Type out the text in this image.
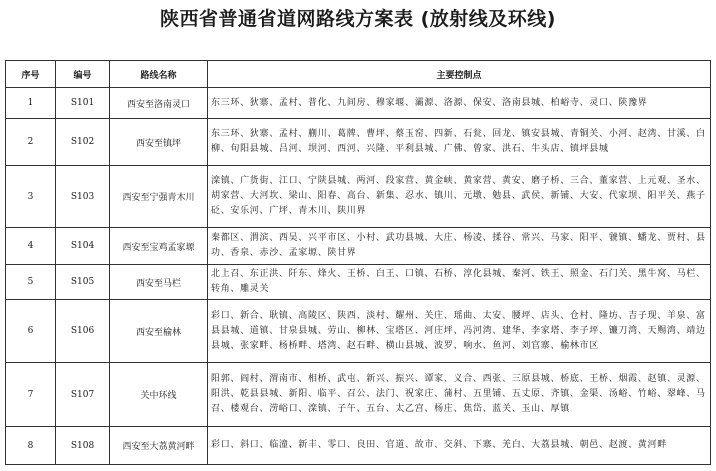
陕西省普通省道网路线方案表 (放射线及环线)
序号	编号	路线名称	主要控制点
1	S101	西安至洛南灵口	东三环、狄寨、孟村、普化、九间房、穆家堰、灞源、洛源、保安、洛南县城、柏峪寺、灵口、陕豫界
2	S102	西安至镇坪	东三环、狄寨、孟村、蒯川、葛牌、曹坪、蔡玉窑、四新、石瓮、回龙、镇安县城、青铜关、小河、赵湾、甘溪、白柳、旬阳县城、吕河、坝河、西河、兴隆、平利县城、广佛、曾家、洪石、牛头店、镇坪县城
3	S103	西安至宁强青木川	滦镇、广货街、江口、宁陕县城、两河、段家营、黄金峡、黄家营、黄安、磨子桥、三合、董家营、上元观、圣水、胡家营、大河坎、梁山、阳春、高台、新集、忍水、镇川、元墩、勉县、武侯、新铺、大安、代家坝、阳平关、燕子砭、安乐河、广坪、青木川、陕川界
4	S104	西安至宝鸡孟家塬	秦都区、渭滨、西吴、兴平市区、小村、武功县城、大庄、杨凌、揉谷、常兴、马家、阳平、虢镇、蟠龙、贾村、县功、香泉、赤沙、孟家塬、陕甘界
5	S105	西安至马栏	北上召、东正洪、阡东、烽火、王桥、白王、口镇、石桥、淳化县城、秦河、铁王、照金、石门关、黑牛窝、马栏、转角、雕灵关
6	S106	西安至榆林	彩口、新合、耿镇、高陵区、陕西、淡村、耀州、关庄、瑶曲、太安、腰坪、店头、仓村、隆坊、吉子现、羊泉、富县县城、道镇、甘泉县城、劳山、柳林、宝塔区、河庄坪、冯河湾、建华、李家塔、李子坪、镰刀湾、天赐湾、靖边县城、张家畔、杨桥畔、塔湾、赵石畔、横山县城、波罗、响水、鱼河、刘官寨、榆林市区
7	S107	关中环线	阳郭、阎村、渭南市、相桥、武屯、新兴、振兴、谭家、义合、西张、三原县城、桥底、王桥、烟霞、赵镇、灵源、阳洪、乾县县城、新阳、临平、召公、法门、祝家庄、蒲村、五里铺、五丈原、齐镇、金渠、汤峪、竹峪、翠峰、马召、楼观台、涝峪口、滦镇、子午、五台、太乙宫、杨庄、焦岱、蓝关、玉山、厚镇
8	S108	西安至大荔黄河畔	彩口、斜口、临潼、新丰、零口、良田、官道、故市、交斜、下寨、羌白、大荔县城、朝邑、赵渡、黄河畔
